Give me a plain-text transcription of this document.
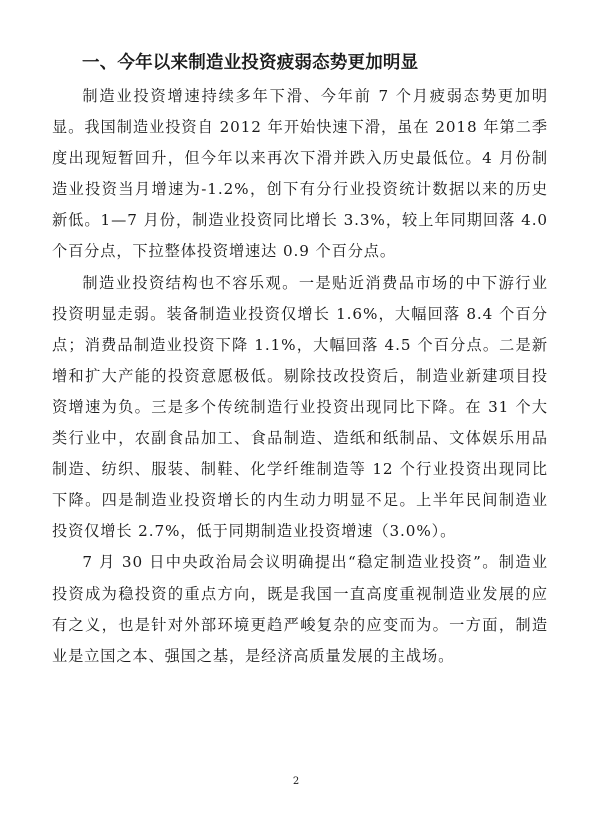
一、今年以来制造业投资疲弱态势更加明显

制造业投资增速持续多年下滑、今年前 7 个月疲弱态势更加明显。我国制造业投资自 2012 年开始快速下滑，虽在 2018 年第二季度出现短暂回升，但今年以来再次下滑并跌入历史最低位。4 月份制造业投资当月增速为-1.2%，创下有分行业投资统计数据以来的历史新低。1—7 月份，制造业投资同比增长 3.3%，较上年同期回落 4.0 个百分点，下拉整体投资增速达 0.9 个百分点。

制造业投资结构也不容乐观。一是贴近消费品市场的中下游行业投资明显走弱。装备制造业投资仅增长 1.6%，大幅回落 8.4 个百分点；消费品制造业投资下降 1.1%，大幅回落 4.5 个百分点。二是新增和扩大产能的投资意愿极低。剔除技改投资后，制造业新建项目投资增速为负。三是多个传统制造行业投资出现同比下降。在 31 个大类行业中，农副食品加工、食品制造、造纸和纸制品、文体娱乐用品制造、纺织、服装、制鞋、化学纤维制造等 12 个行业投资出现同比下降。四是制造业投资增长的内生动力明显不足。上半年民间制造业投资仅增长 2.7%，低于同期制造业投资增速（3.0%）。

7 月 30 日中央政治局会议明确提出“稳定制造业投资”。制造业投资成为稳投资的重点方向，既是我国一直高度重视制造业发展的应有之义，也是针对外部环境更趋严峻复杂的应变而为。一方面，制造业是立国之本、强国之基，是经济高质量发展的主战场。

2
